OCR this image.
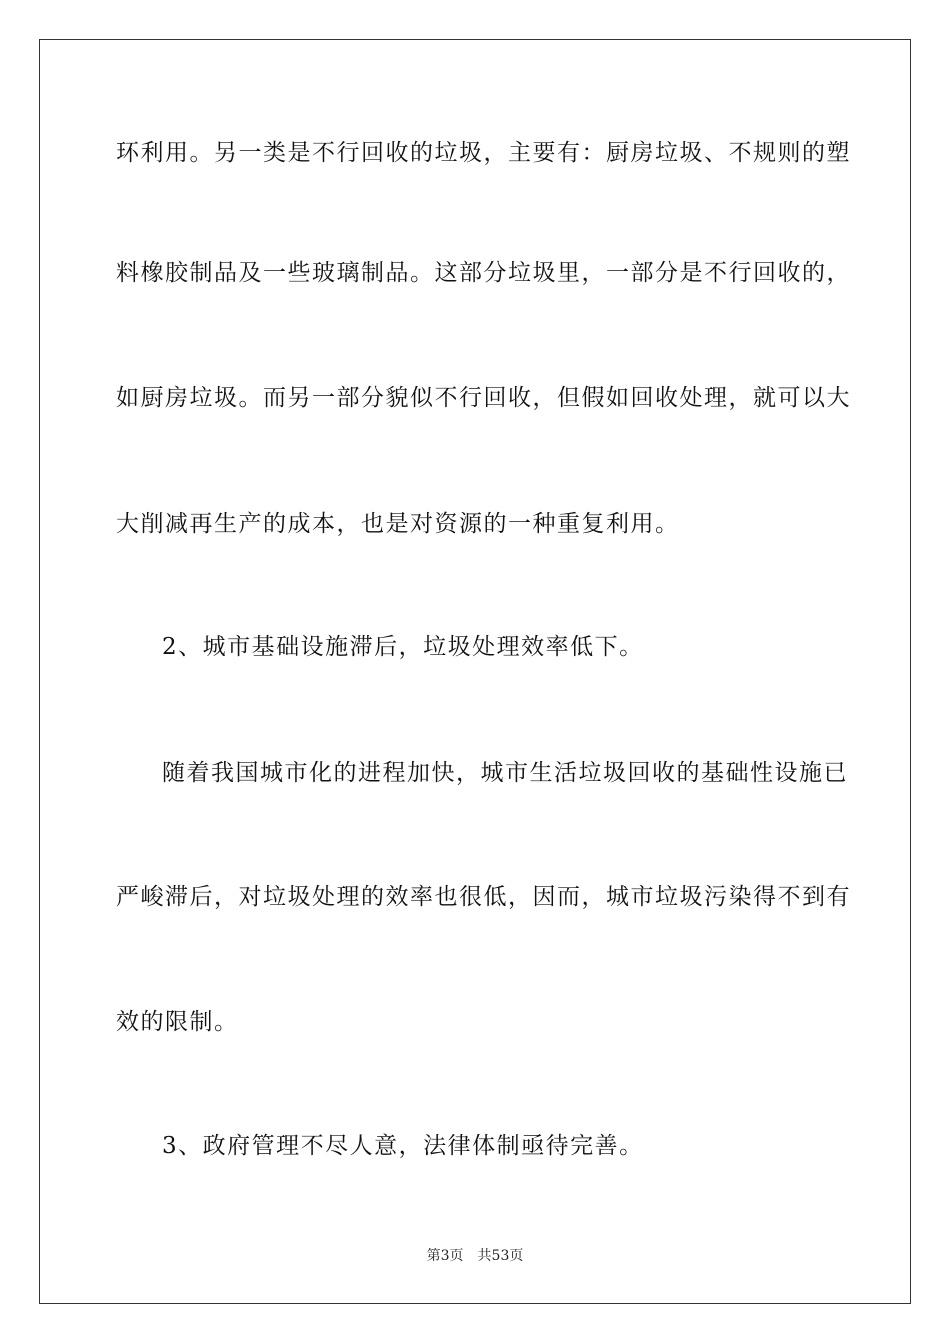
环利用。另一类是不行回收的垃圾，主要有：厨房垃圾、不规则的塑
料橡胶制品及一些玻璃制品。这部分垃圾里，一部分是不行回收的，
如厨房垃圾。而另一部分貌似不行回收，但假如回收处理，就可以大
大削减再生产的成本，也是对资源的一种重复利用。
2、城市基础设施滞后，垃圾处理效率低下。
随着我国城市化的进程加快，城市生活垃圾回收的基础性设施已
严峻滞后，对垃圾处理的效率也很低，因而，城市垃圾污染得不到有
效的限制。
3、政府管理不尽人意，法律体制亟待完善。
第3页 共53页
